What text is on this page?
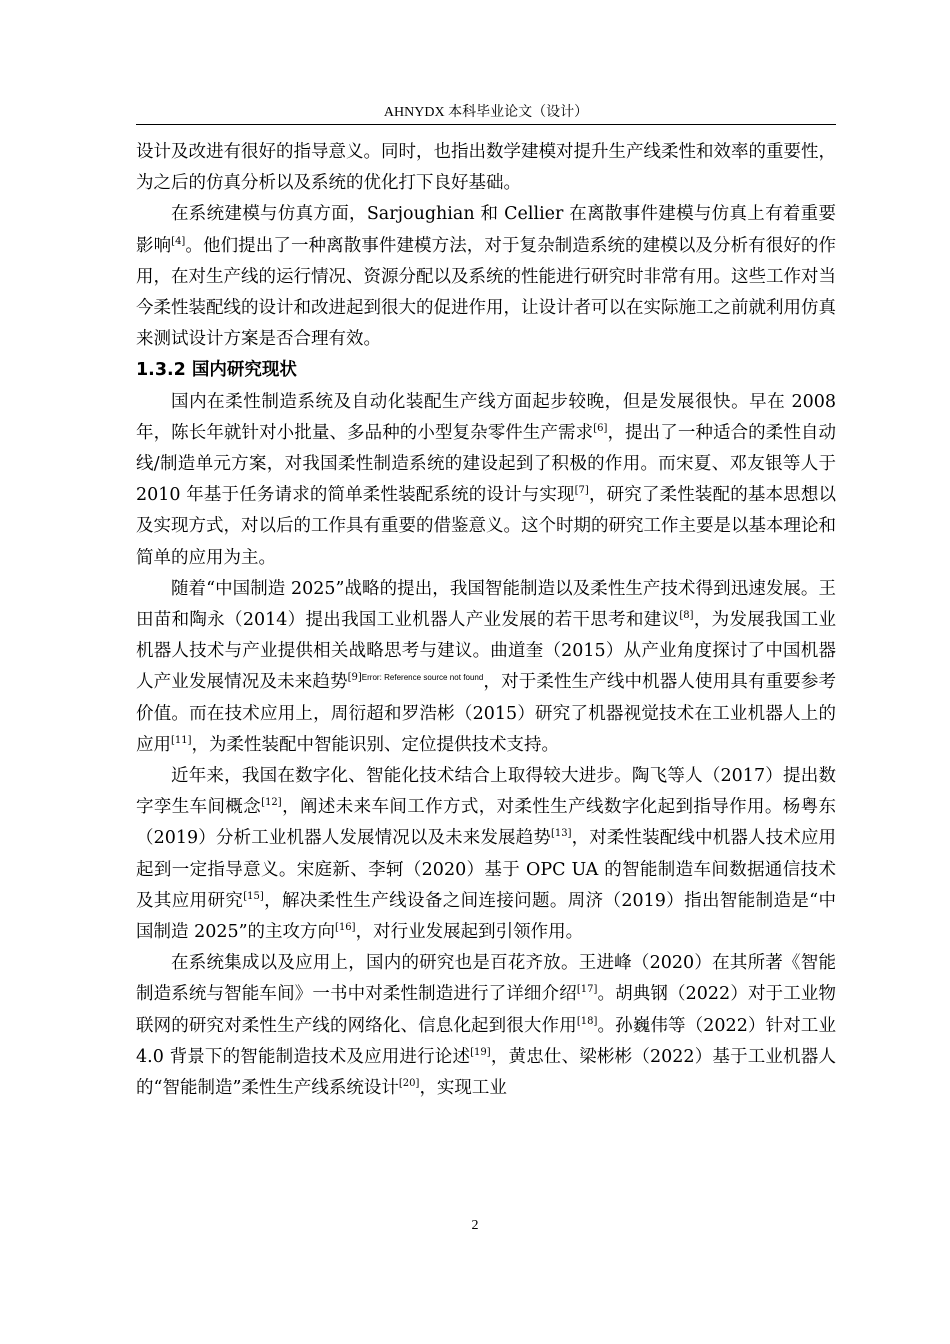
AHNYDX 本科毕业论文（设计）

设计及改进有很好的指导意义。同时，也指出数学建模对提升生产线柔性和效率的重要性，为之后的仿真分析以及系统的优化打下良好基础。

在系统建模与仿真方面，Sarjoughian 和 Cellier 在离散事件建模与仿真上有着重要影响[4]。他们提出了一种离散事件建模方法，对于复杂制造系统的建模以及分析有很好的作用，在对生产线的运行情况、资源分配以及系统的性能进行研究时非常有用。这些工作对当今柔性装配线的设计和改进起到很大的促进作用，让设计者可以在实际施工之前就利用仿真来测试设计方案是否合理有效。

1.3.2 国内研究现状

国内在柔性制造系统及自动化装配生产线方面起步较晚，但是发展很快。早在 2008 年，陈长年就针对小批量、多品种的小型复杂零件生产需求[6]，提出了一种适合的柔性自动线/制造单元方案，对我国柔性制造系统的建设起到了积极的作用。而宋夏、邓友银等人于 2010 年基于任务请求的简单柔性装配系统的设计与实现[7]，研究了柔性装配的基本思想以及实现方式，对以后的工作具有重要的借鉴意义。这个时期的研究工作主要是以基本理论和简单的应用为主。

随着“中国制造 2025”战略的提出，我国智能制造以及柔性生产技术得到迅速发展。王田苗和陶永（2014）提出我国工业机器人产业发展的若干思考和建议[8]，为发展我国工业机器人技术与产业提供相关战略思考与建议。曲道奎（2015）从产业角度探讨了中国机器人产业发展情况及未来趋势$^{[9]Error: Reference source not found}$，对于柔性生产线中机器人使用具有重要参考价值。而在技术应用上，周衍超和罗浩彬（2015）研究了机器视觉技术在工业机器人上的应用[11]，为柔性装配中智能识别、定位提供技术支持。

近年来，我国在数字化、智能化技术结合上取得较大进步。陶飞等人（2017）提出数字孪生车间概念[12]，阐述未来车间工作方式，对柔性生产线数字化起到指导作用。杨粤东（2019）分析工业机器人发展情况以及未来发展趋势[13]，对柔性装配线中机器人技术应用起到一定指导意义。宋庭新、李轲（2020）基于 OPC UA 的智能制造车间数据通信技术及其应用研究[15]，解决柔性生产线设备之间连接问题。周济（2019）指出智能制造是“中国制造 2025”的主攻方向[16]，对行业发展起到引领作用。

在系统集成以及应用上，国内的研究也是百花齐放。王进峰（2020）在其所著《智能制造系统与智能车间》一书中对柔性制造进行了详细介绍[17]。胡典钢（2022）对于工业物联网的研究对柔性生产线的网络化、信息化起到很大作用[18]。孙巍伟等（2022）针对工业 4.0 背景下的智能制造技术及应用进行论述[19]，黄忠仕、梁彬彬（2022）基于工业机器人的“智能制造”柔性生产线系统设计[20]，实现工业

2
